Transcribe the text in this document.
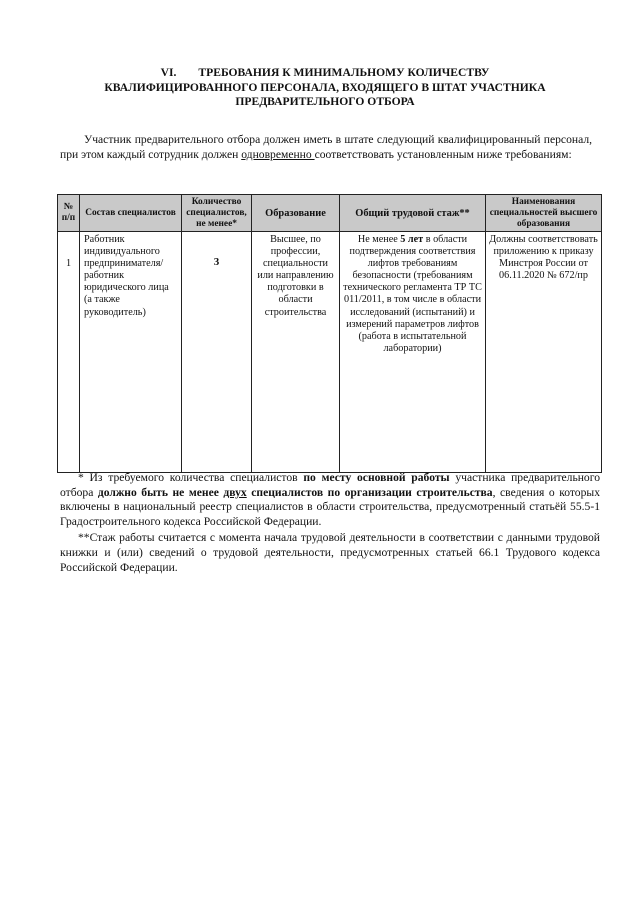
VI. ТРЕБОВАНИЯ К МИНИМАЛЬНОМУ КОЛИЧЕСТВУ
КВАЛИФИЦИРОВАННОГО ПЕРСОНАЛА, ВХОДЯЩЕГО В ШТАТ УЧАСТНИКА
ПРЕДВАРИТЕЛЬНОГО ОТБОРА
Участник предварительного отбора должен иметь в штате следующий квалифицированный персонал, при этом каждый сотрудник должен одновременно соответствовать установленным ниже требованиям:
№ п/п	Состав специалистов	Количество специалистов, не менее*	Образование	Общий трудовой стаж**	Наименования специальностей высшего образования
1	Работник индивидуального предпринимателя/ работник юридического лица (а также руководитель)	3	Высшее, по профессии, специальности или направлению подготовки в области строительства	Не менее 5 лет в области подтверждения соответствия лифтов требованиям безопасности (требованиям технического регламента ТР ТС 011/2011, в том числе в области исследований (испытаний) и измерений параметров лифтов (работа в испытательной лаборатории)	Должны соответствовать приложению к приказу Минстроя России от 06.11.2020 № 672/пр

* Из требуемого количества специалистов по месту основной работы участника предварительного отбора должно быть не менее двух специалистов по организации строительства, сведения о которых включены в национальный реестр специалистов в области строительства, предусмотренный статьёй 55.5-1 Градостроительного кодекса Российской Федерации.

**Стаж работы считается с момента начала трудовой деятельности в соответствии с данными трудовой книжки и (или) сведений о трудовой деятельности, предусмотренных статьей 66.1 Трудового кодекса Российской Федерации.
